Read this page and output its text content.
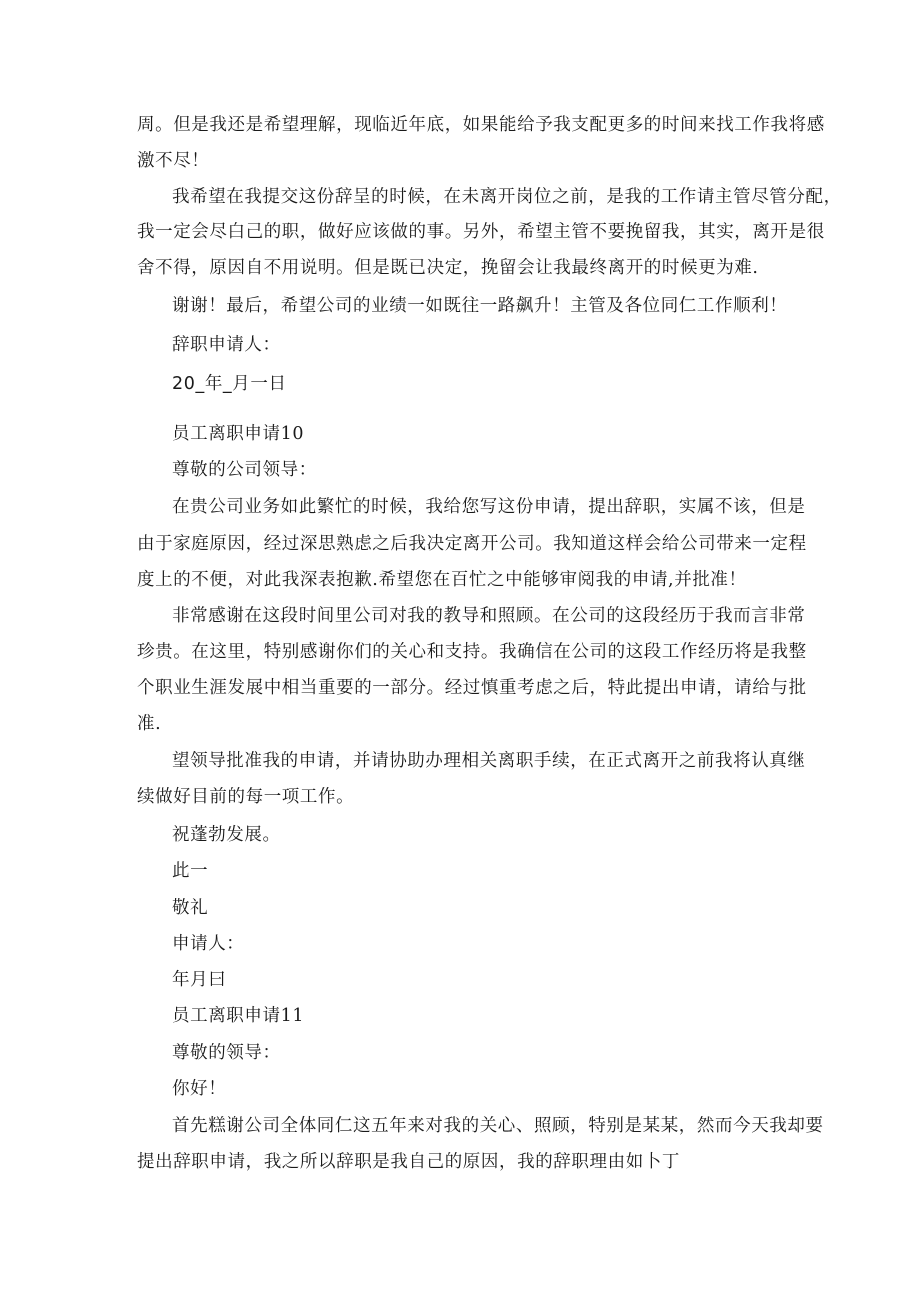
周。但是我还是希望理解，现临近年底，如果能给予我支配更多的时间来找工作我将感
激不尽！
我希望在我提交这份辞呈的时候，在未离开岗位之前，是我的工作请主管尽管分配，
我一定会尽白己的职，做好应该做的事。另外，希望主管不要挽留我，其实，离开是很
舍不得，原因自不用说明。但是既已决定，挽留会让我最终离开的时候更为难.
谢谢！最后，希望公司的业绩一如既往一路飙升！主管及各位同仁工作顺利！
辞职申请人：
20_年_月一日
员工离职申请10
尊敬的公司领导：
在贵公司业务如此繁忙的时候，我给您写这份申请，提出辞职，实属不该，但是
由于家庭原因，经过深思熟虑之后我决定离开公司。我知道这样会给公司带来一定程
度上的不便，对此我深表抱歉.希望您在百忙之中能够审阅我的申请,并批准！
非常感谢在这段时间里公司对我的教导和照顾。在公司的这段经历于我而言非常
珍贵。在这里，特别感谢你们的关心和支持。我确信在公司的这段工作经历将是我整
个职业生涯发展中相当重要的一部分。经过慎重考虑之后，特此提出申请，请给与批
准.
望领导批准我的申请，并请协助办理相关离职手续，在正式离开之前我将认真继
续做好目前的每一项工作。
祝蓬勃发展。
此一
敬礼
申请人：
年月曰
员工离职申请11
尊敬的领导：
你好！
首先糕谢公司全体同仁这五年来对我的关心、照顾，特别是某某，然而今天我却要
提出辞职申请，我之所以辞职是我自己的原因，我的辞职理由如卜丁
